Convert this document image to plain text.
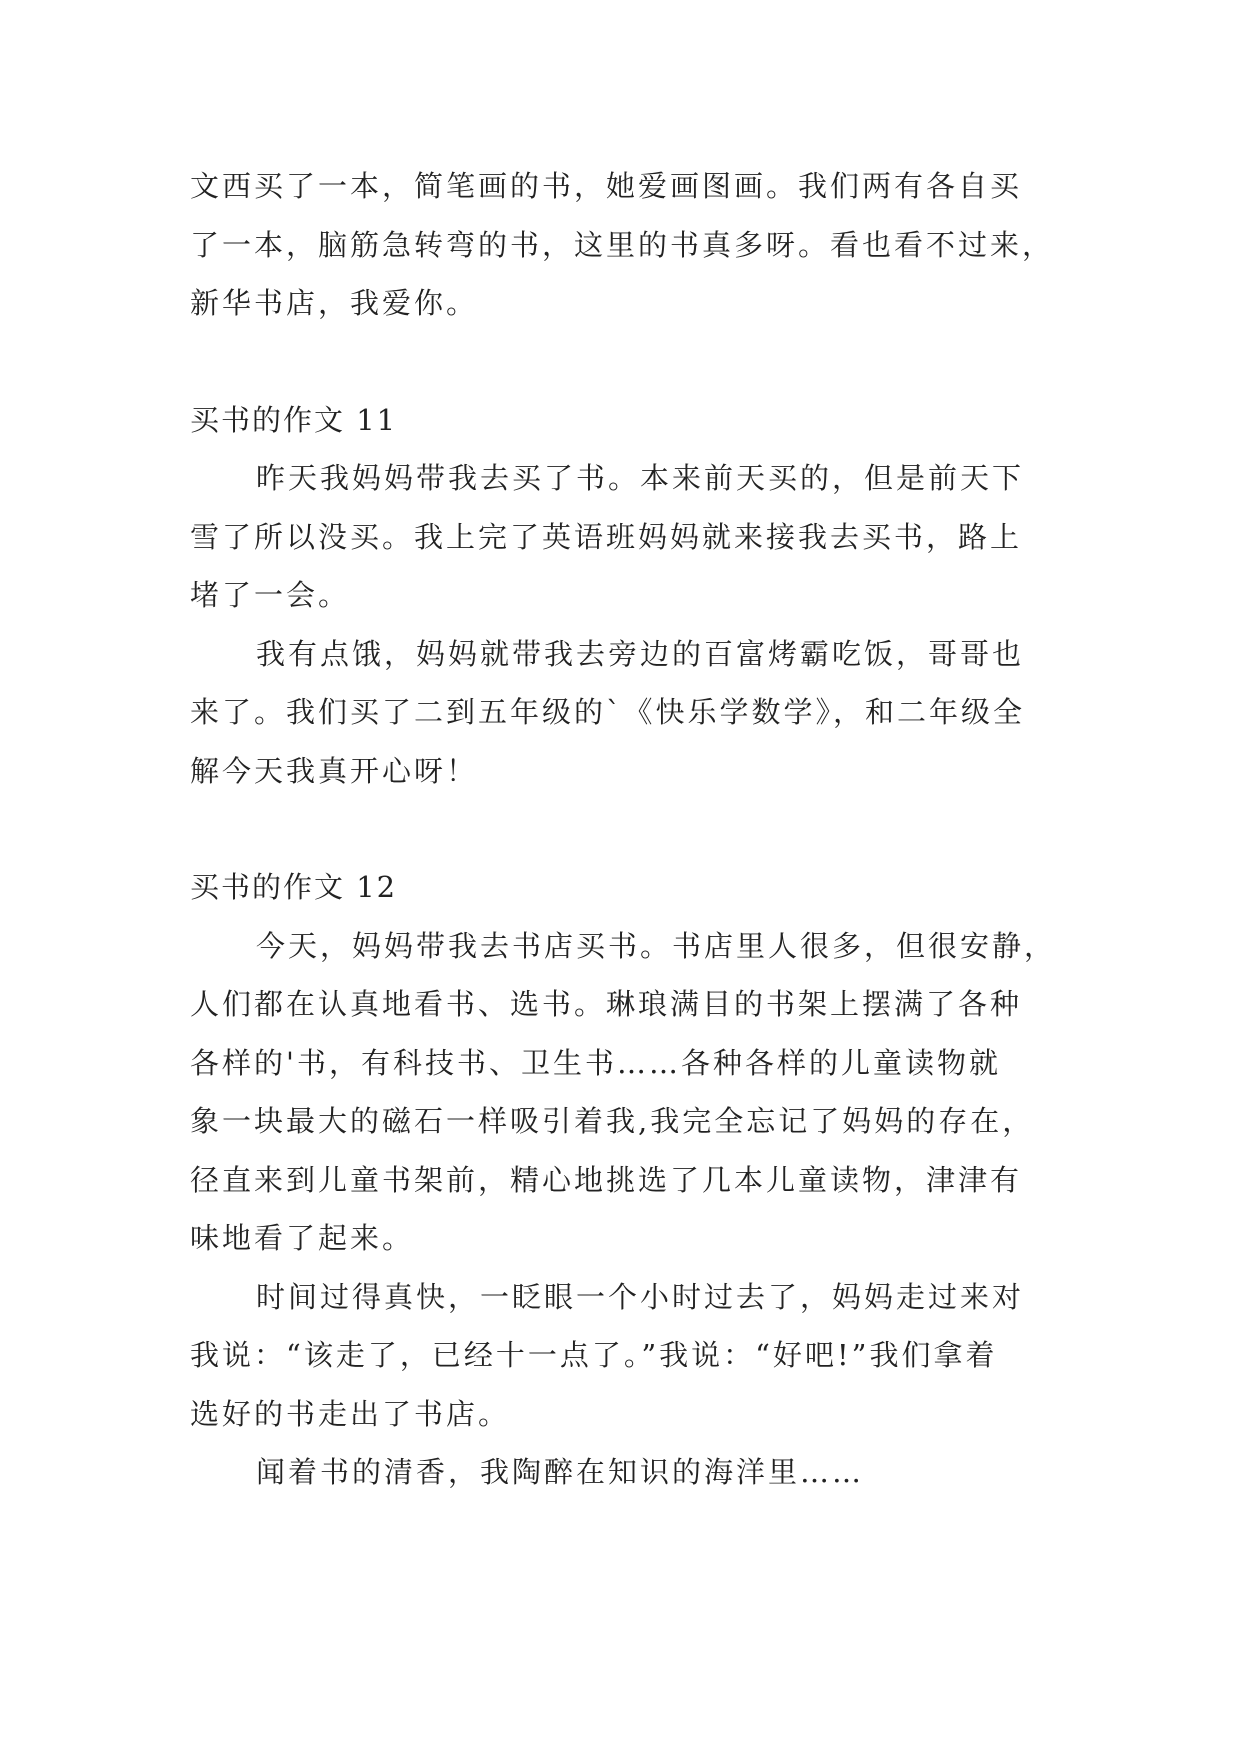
文西买了一本，简笔画的书，她爱画图画。我们两有各自买
了一本，脑筋急转弯的书，这里的书真多呀。看也看不过来，
新华书店，我爱你。
买书的作文 11
昨天我妈妈带我去买了书。本来前天买的，但是前天下
雪了所以没买。我上完了英语班妈妈就来接我去买书，路上
堵了一会。
我有点饿，妈妈就带我去旁边的百富烤霸吃饭，哥哥也
来了。我们买了二到五年级的`《快乐学数学》，和二年级全
解今天我真开心呀！
买书的作文 12
今天，妈妈带我去书店买书。书店里人很多，但很安静，
人们都在认真地看书、选书。琳琅满目的书架上摆满了各种
各样的'书，有科技书、卫生书……各种各样的儿童读物就
象一块最大的磁石一样吸引着我,我完全忘记了妈妈的存在，
径直来到儿童书架前，精心地挑选了几本儿童读物，津津有
味地看了起来。
时间过得真快，一眨眼一个小时过去了，妈妈走过来对
我说：“该走了，已经十一点了。”我说：“好吧!”我们拿着
选好的书走出了书店。
闻着书的清香，我陶醉在知识的海洋里……
